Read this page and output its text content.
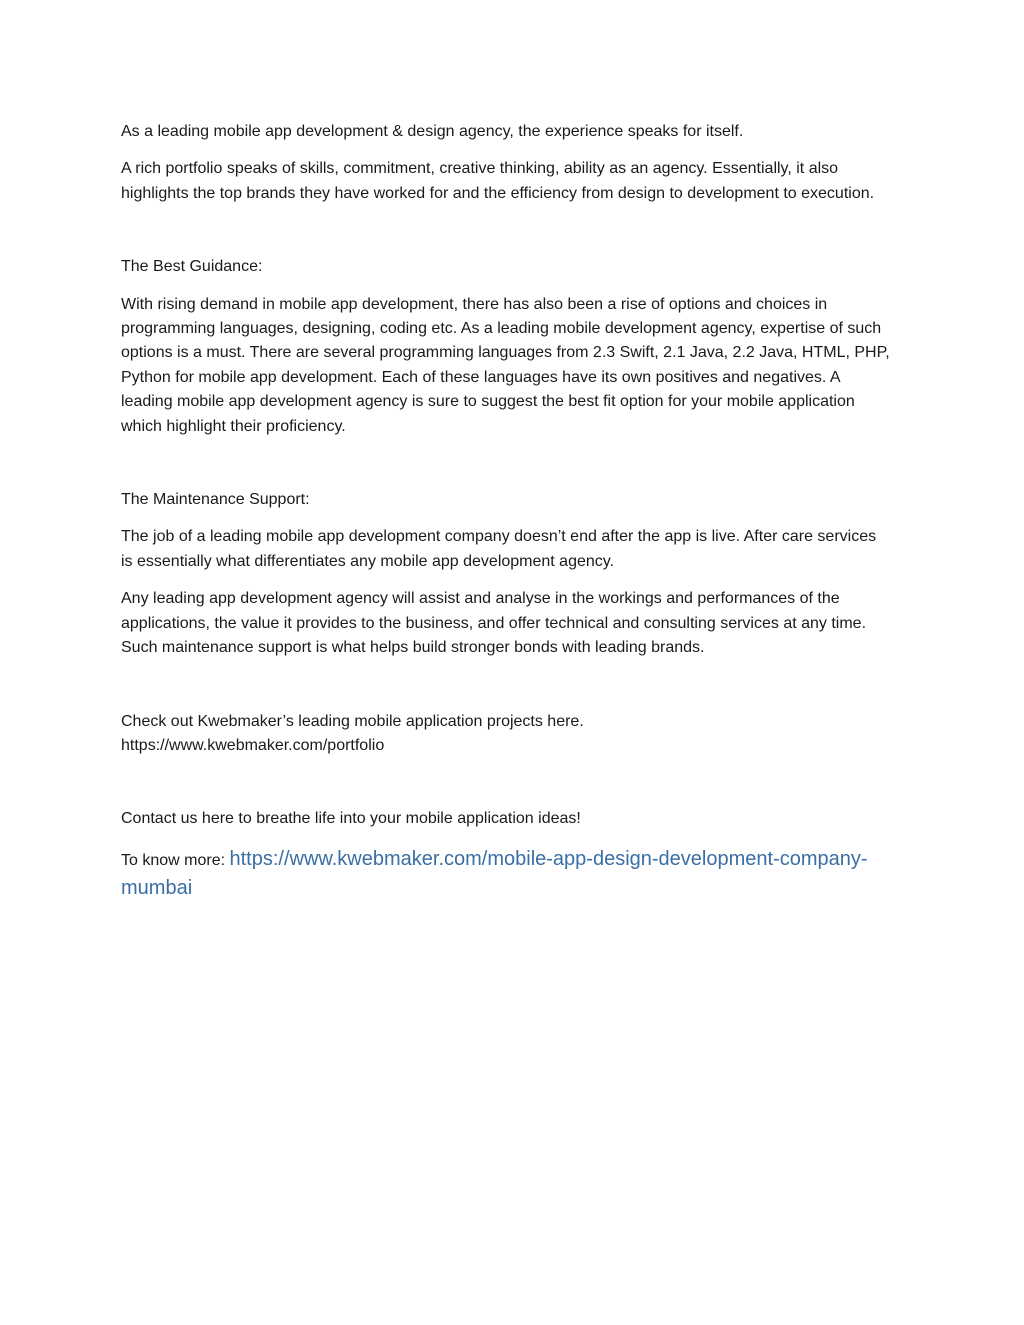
As a leading mobile app development & design agency, the experience speaks for itself.

A rich portfolio speaks of skills, commitment, creative thinking, ability as an agency. Essentially, it also highlights the top brands they have worked for and the efficiency from design to development to execution.

The Best Guidance:

With rising demand in mobile app development, there has also been a rise of options and choices in programming languages, designing, coding etc. As a leading mobile development agency, expertise of such options is a must. There are several programming languages from 2.3 Swift, 2.1 Java, 2.2 Java, HTML, PHP, Python for mobile app development. Each of these languages have its own positives and negatives. A leading mobile app development agency is sure to suggest the best fit option for your mobile application which highlight their proficiency.

The Maintenance Support:

The job of a leading mobile app development company doesn’t end after the app is live. After care services is essentially what differentiates any mobile app development agency.

Any leading app development agency will assist and analyse in the workings and performances of the applications, the value it provides to the business, and offer technical and consulting services at any time. Such maintenance support is what helps build stronger bonds with leading brands.

Check out Kwebmaker’s leading mobile application projects here.
https://www.kwebmaker.com/portfolio

Contact us here to breathe life into your mobile application ideas!

To know more: https://www.kwebmaker.com/mobile-app-design-development-company-mumbai
